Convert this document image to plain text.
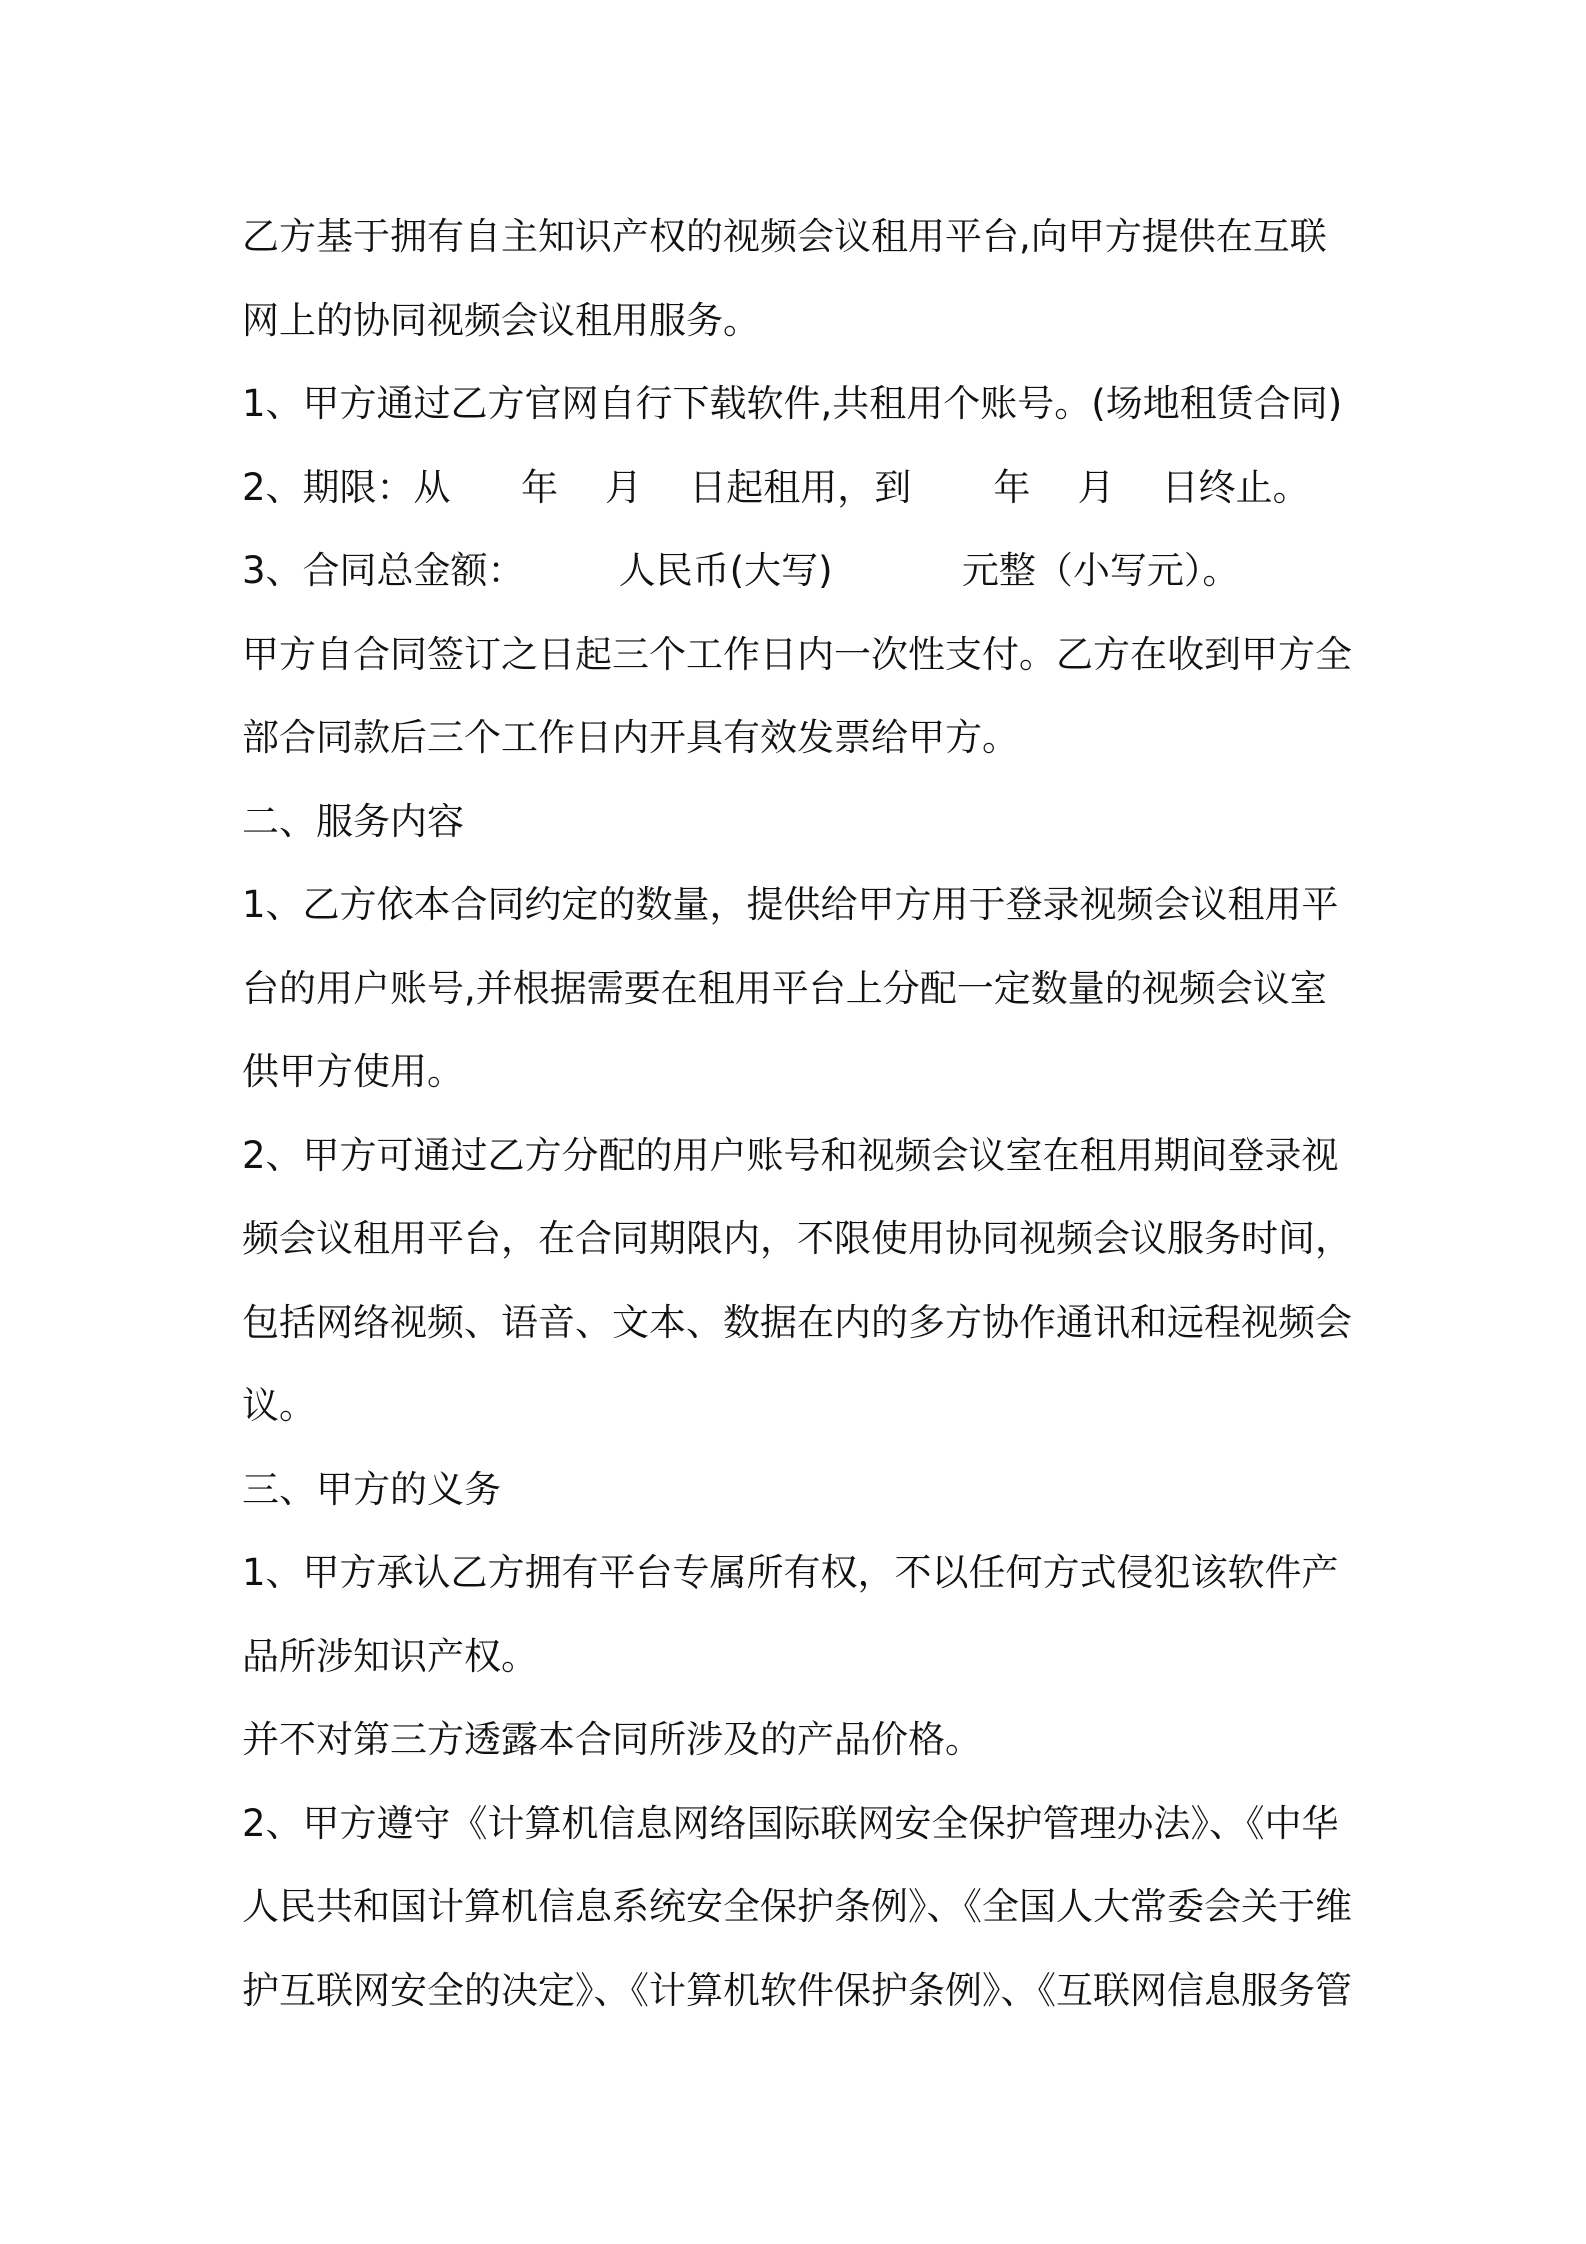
乙方基于拥有自主知识产权的视频会议租用平台,向甲方提供在互联
网上的协同视频会议租用服务。
1、甲方通过乙方官网自行下载软件,共租用个账号。(场地租赁合同)
2、期限：从      年    月    日起租用，到       年    月    日终止。
3、合同总金额：        人民币(大写)           元整（小写元）。
甲方自合同签订之日起三个工作日内一次性支付。乙方在收到甲方全
部合同款后三个工作日内开具有效发票给甲方。
二、服务内容
1、乙方依本合同约定的数量，提供给甲方用于登录视频会议租用平
台的用户账号,并根据需要在租用平台上分配一定数量的视频会议室
供甲方使用。
2、甲方可通过乙方分配的用户账号和视频会议室在租用期间登录视
频会议租用平台，在合同期限内，不限使用协同视频会议服务时间，
包括网络视频、语音、文本、数据在内的多方协作通讯和远程视频会
议。
三、甲方的义务
1、甲方承认乙方拥有平台专属所有权，不以任何方式侵犯该软件产
品所涉知识产权。
并不对第三方透露本合同所涉及的产品价格。
2、甲方遵守《计算机信息网络国际联网安全保护管理办法》、《中华
人民共和国计算机信息系统安全保护条例》、《全国人大常委会关于维
护互联网安全的决定》、《计算机软件保护条例》、《互联网信息服务管
